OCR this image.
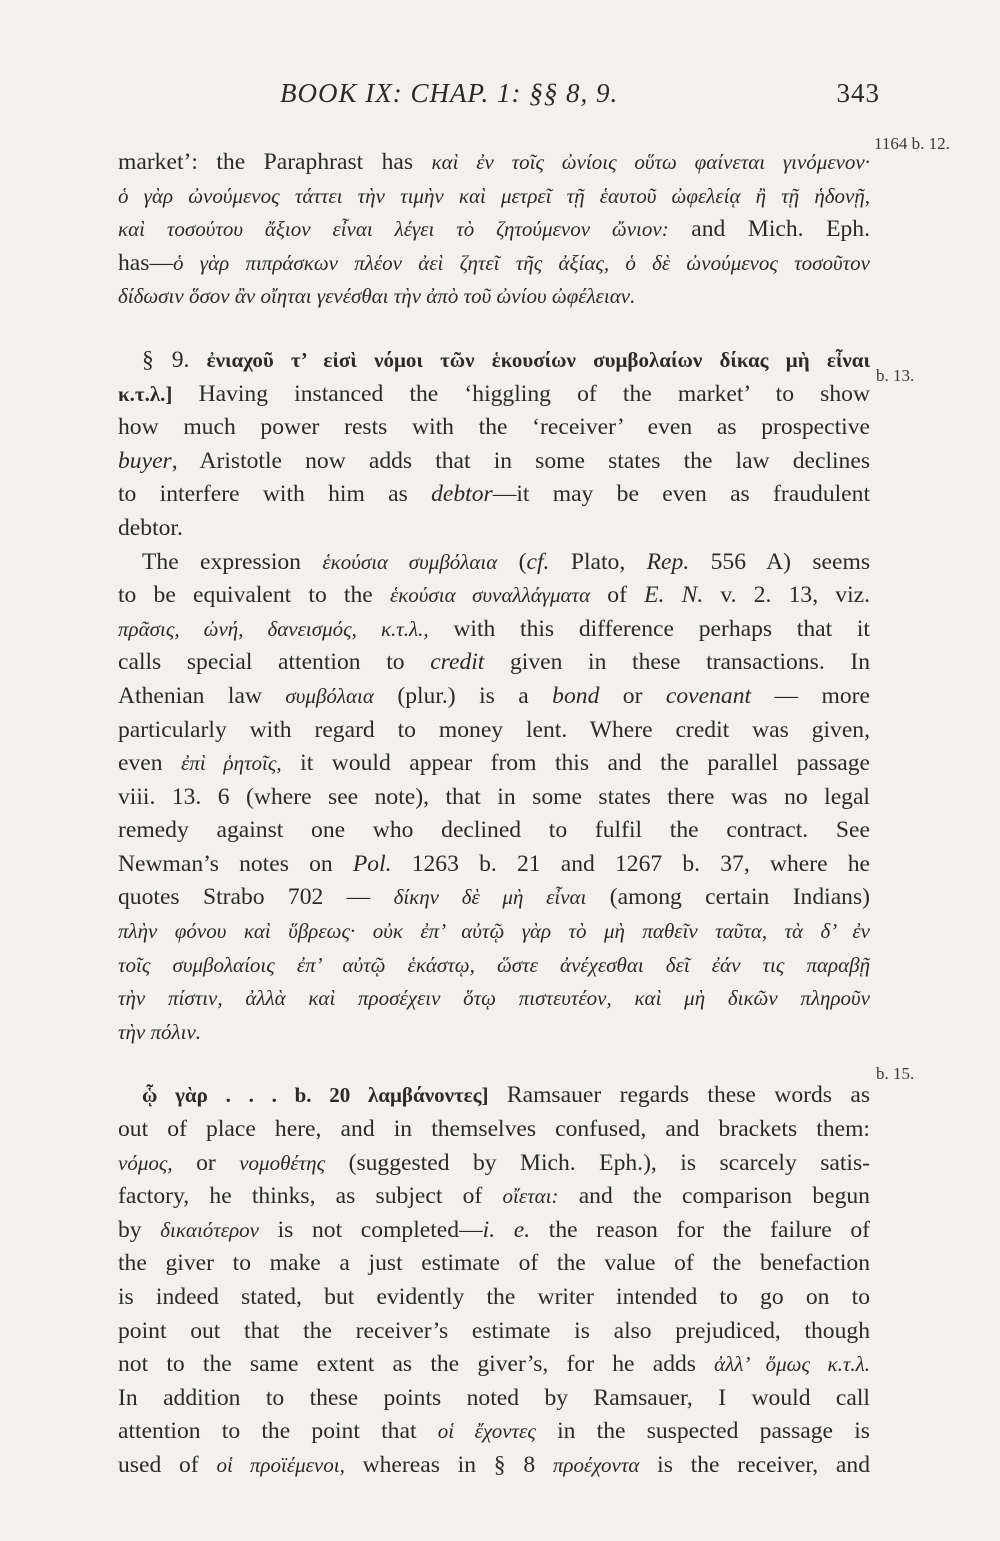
BOOK IX: CHAP. 1: §§ 8, 9.	343
1164 b. 12.
b. 13.
b. 15.
market’: the Paraphrast has καὶ ἐν τοῖς ὠνίοις οὕτω φαίνεται γινόμενον·
ὁ γὰρ ὠνούμενος τάττει τὴν τιμὴν καὶ μετρεῖ τῇ ἑαυτοῦ ὠφελείᾳ ἢ τῇ ἡδονῇ,
καὶ τοσούτου ἄξιον εἶναι λέγει τὸ ζητούμενον ὤνιον: and Mich. Eph.
has—ὁ γὰρ πιπράσκων πλέον ἀεὶ ζητεῖ τῆς ἀξίας, ὁ δὲ ὠνούμενος τοσοῦτον
δίδωσιν ὅσον ἂν οἴηται γενέσθαι τὴν ἀπὸ τοῦ ὠνίου ὠφέλειαν.
§ 9. ἐνιαχοῦ τ’ εἰσὶ νόμοι τῶν ἑκουσίων συμβολαίων δίκας μὴ εἶναι
κ.τ.λ.] Having instanced the ‘higgling of the market’ to show
how much power rests with the ‘receiver’ even as prospective
buyer, Aristotle now adds that in some states the law declines
to interfere with him as debtor—it may be even as fraudulent
debtor.
The expression ἑκούσια συμβόλαια (cf. Plato, Rep. 556 A) seems
to be equivalent to the ἑκούσια συναλλάγματα of E. N. v. 2. 13, viz.
πρᾶσις, ὠνή, δανεισμός, κ.τ.λ., with this difference perhaps that it
calls special attention to credit given in these transactions. In
Athenian law συμβόλαια (plur.) is a bond or covenant — more
particularly with regard to money lent. Where credit was given,
even ἐπὶ ῥητοῖς, it would appear from this and the parallel passage
viii. 13. 6 (where see note), that in some states there was no legal
remedy against one who declined to fulfil the contract. See
Newman’s notes on Pol. 1263 b. 21 and 1267 b. 37, where he
quotes Strabo 702 — δίκην δὲ μὴ εἶναι (among certain Indians)
πλὴν φόνου καὶ ὕβρεως· οὐκ ἐπ’ αὐτῷ γὰρ τὸ μὴ παθεῖν ταῦτα, τὰ δ’ ἐν
τοῖς συμβολαίοις ἐπ’ αὐτῷ ἑκάστῳ, ὥστε ἀνέχεσθαι δεῖ ἐάν τις παραβῇ
τὴν πίστιν, ἀλλὰ καὶ προσέχειν ὅτῳ πιστευτέον, καὶ μὴ δικῶν πληροῦν
τὴν πόλιν.
ᾧ γὰρ . . . b. 20 λαμβάνοντες] Ramsauer regards these words as
out of place here, and in themselves confused, and brackets them:
νόμος, or νομοθέτης (suggested by Mich. Eph.), is scarcely satis-
factory, he thinks, as subject of οἴεται: and the comparison begun
by δικαιότερον is not completed—i. e. the reason for the failure of
the giver to make a just estimate of the value of the benefaction
is indeed stated, but evidently the writer intended to go on to
point out that the receiver’s estimate is also prejudiced, though
not to the same extent as the giver’s, for he adds ἀλλ’ ὅμως κ.τ.λ.
In addition to these points noted by Ramsauer, I would call
attention to the point that οἱ ἔχοντες in the suspected passage is
used of οἱ προϊέμενοι, whereas in § 8 προέχοντα is the receiver, and
